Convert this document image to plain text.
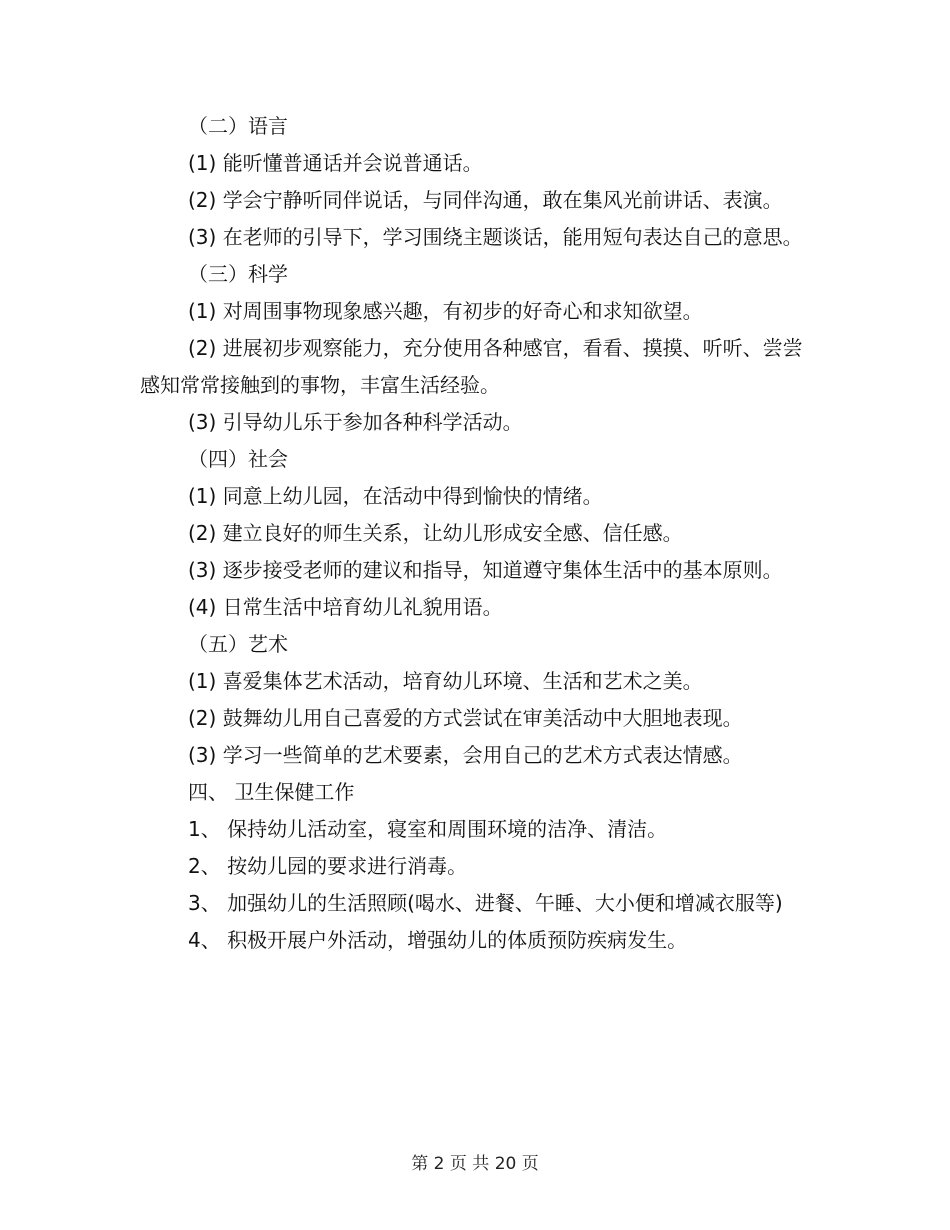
（二）语言

(1) 能听懂普通话并会说普通话。

(2) 学会宁静听同伴说话，与同伴沟通，敢在集风光前讲话、表演。

(3) 在老师的引导下，学习围绕主题谈话，能用短句表达自己的意思。

（三）科学

(1) 对周围事物现象感兴趣，有初步的好奇心和求知欲望。

(2) 进展初步观察能力，充分使用各种感官，看看、摸摸、听听、尝尝感知常常接触到的事物，丰富生活经验。

(3) 引导幼儿乐于参加各种科学活动。

（四）社会

(1) 同意上幼儿园，在活动中得到愉快的情绪。

(2) 建立良好的师生关系，让幼儿形成安全感、信任感。

(3) 逐步接受老师的建议和指导，知道遵守集体生活中的基本原则。

(4) 日常生活中培育幼儿礼貌用语。

（五）艺术

(1) 喜爱集体艺术活动，培育幼儿环境、生活和艺术之美。

(2) 鼓舞幼儿用自己喜爱的方式尝试在审美活动中大胆地表现。

(3) 学习一些简单的艺术要素，会用自己的艺术方式表达情感。

四、 卫生保健工作

1、 保持幼儿活动室，寝室和周围环境的洁净、清洁。

2、 按幼儿园的要求进行消毒。

3、 加强幼儿的生活照顾(喝水、进餐、午睡、大小便和增减衣服等)

4、 积极开展户外活动，增强幼儿的体质预防疾病发生。

第 2 页 共 20 页
